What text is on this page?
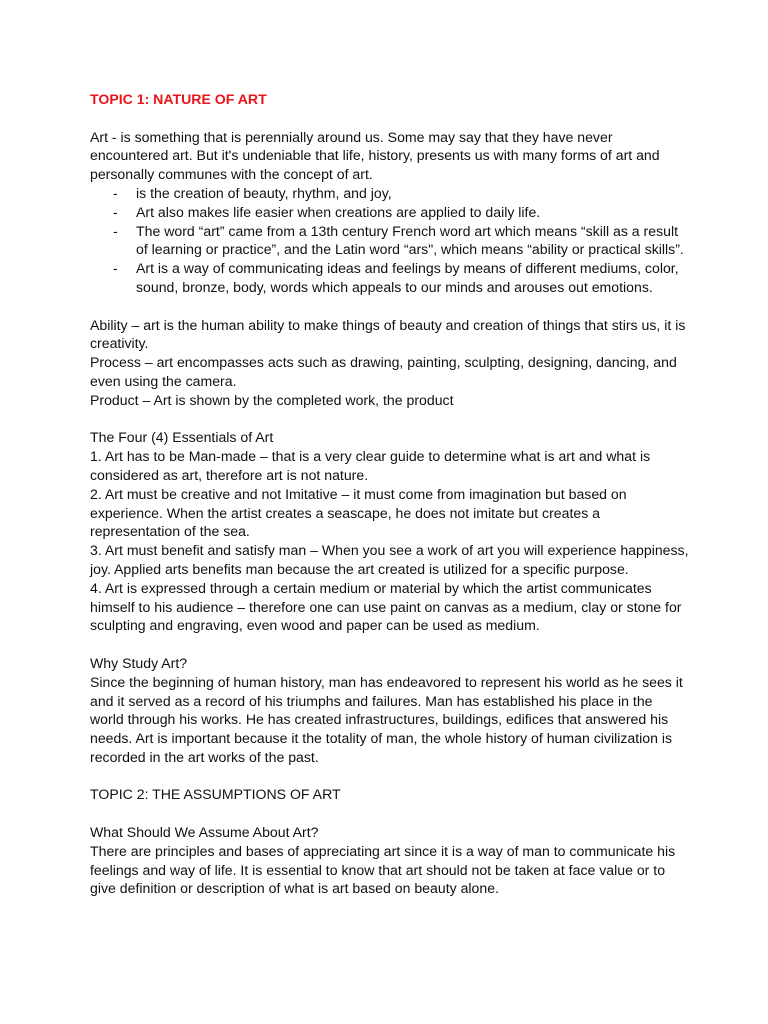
TOPIC 1: NATURE OF ART

Art - is something that is perennially around us. Some may say that they have never encountered art. But it's undeniable that life, history, presents us with many forms of art and personally communes with the concept of art.

- is the creation of beauty, rhythm, and joy,
- Art also makes life easier when creations are applied to daily life.
- The word “art” came from a 13th century French word art which means “skill as a result of learning or practice”, and the Latin word “ars", which means “ability or practical skills”.
- Art is a way of communicating ideas and feelings by means of different mediums, color, sound, bronze, body, words which appeals to our minds and arouses out emotions.

Ability – art is the human ability to make things of beauty and creation of things that stirs us, it is creativity.

Process – art encompasses acts such as drawing, painting, sculpting, designing, dancing, and even using the camera.

Product – Art is shown by the completed work, the product

The Four (4) Essentials of Art

1. Art has to be Man-made – that is a very clear guide to determine what is art and what is considered as art, therefore art is not nature.

2. Art must be creative and not Imitative – it must come from imagination but based on experience. When the artist creates a seascape, he does not imitate but creates a representation of the sea.

3. Art must benefit and satisfy man – When you see a work of art you will experience happiness, joy. Applied arts benefits man because the art created is utilized for a specific purpose.

4. Art is expressed through a certain medium or material by which the artist communicates himself to his audience – therefore one can use paint on canvas as a medium, clay or stone for sculpting and engraving, even wood and paper can be used as medium.

Why Study Art?

Since the beginning of human history, man has endeavored to represent his world as he sees it and it served as a record of his triumphs and failures. Man has established his place in the world through his works. He has created infrastructures, buildings, edifices that answered his needs. Art is important because it the totality of man, the whole history of human civilization is recorded in the art works of the past.

TOPIC 2: THE ASSUMPTIONS OF ART

What Should We Assume About Art?

There are principles and bases of appreciating art since it is a way of man to communicate his feelings and way of life. It is essential to know that art should not be taken at face value or to give definition or description of what is art based on beauty alone.
